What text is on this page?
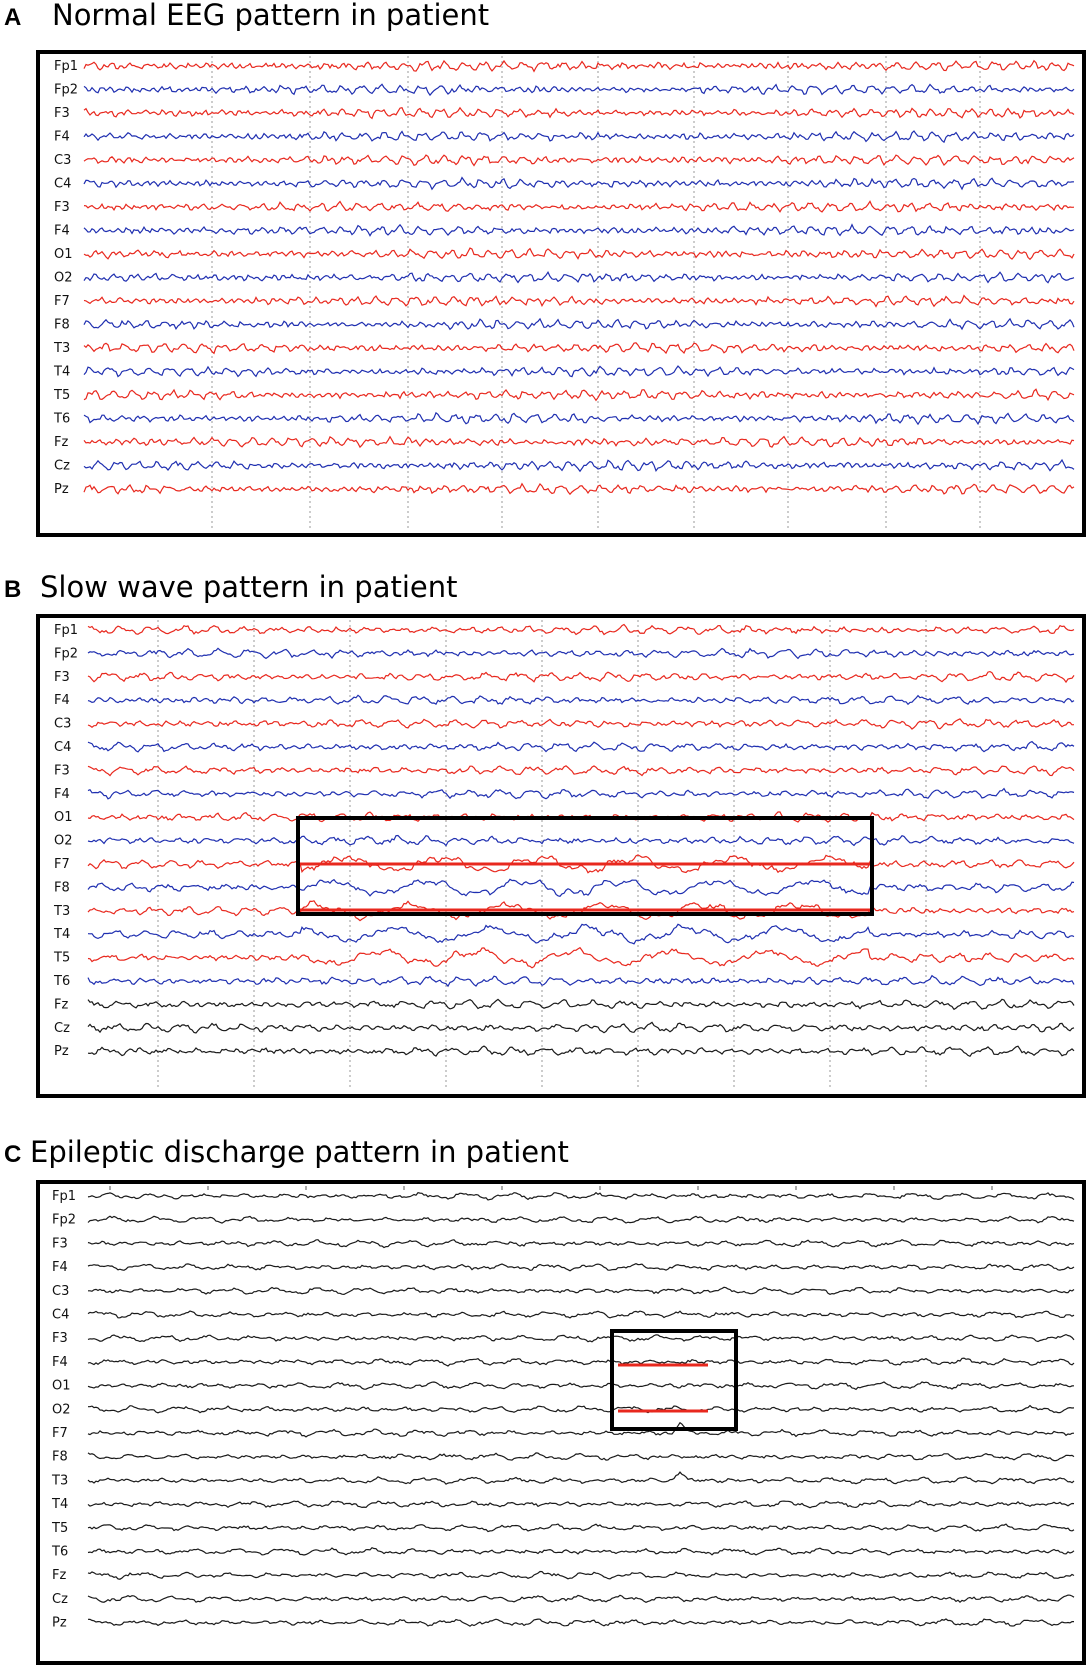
A Normal EEG pattern in patient
Fp1
Fp2
F3
F4
C3
C4
F3
F4
O1
O2
F7
F8
T3
T4
T5
T6
Fz
Cz
Pz
B Slow wave pattern in patient
Fp1
Fp2
F3
F4
C3
C4
F3
F4
O1
O2
F7
F8
T3
T4
T5
T6
Fz
Cz
Pz
C Epileptic discharge pattern in patient
Fp1
Fp2
F3
F4
C3
C4
F3
F4
O1
O2
F7
F8
T3
T4
T5
T6
Fz
Cz
Pz
